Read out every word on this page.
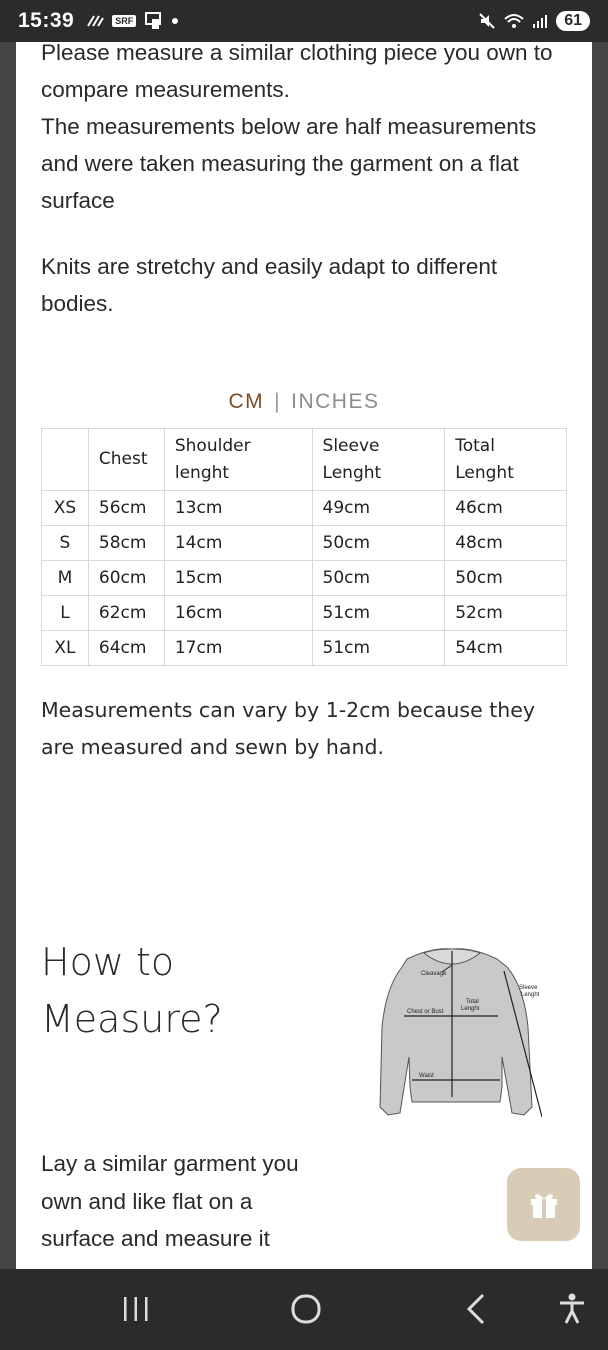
15:39	SRF	61

Please measure a similar clothing piece you own to compare measurements.

The measurements below are half measurements and were taken measuring the garment on a flat surface

Knits are stretchy and easily adapt to different bodies.

CM | INCHES
	Chest	Shoulder lenght	Sleeve Lenght	Total Lenght
XS	56cm	13cm	49cm	46cm
S	58cm	14cm	50cm	48cm
M	60cm	15cm	50cm	50cm
L	62cm	16cm	51cm	52cm
XL	64cm	17cm	51cm	54cm

Measurements can vary by 1-2cm because they are measured and sewn by hand.

How to
Measure?
Cleavage
Chest or Bust
Total
Lenght
Sleeve
Lenght
Waist

Lay a similar garment you own and like flat on a surface and measure it
